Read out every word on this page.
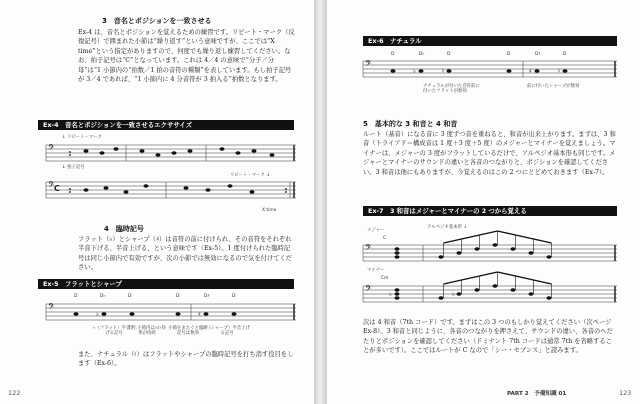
3　音名とポジションを一致させる
Ex-4 は、音名とポジションを覚えるための練習です。リピート・マーク（反復記号）で囲まれた小節は“繰り返す”という意味ですが、ここでは“X time”という指定がありますので、何度でも繰り返し練習してください。なお、拍子記号は“C”となっています。これは 4／4 の意味で“分子／分母”は“1 小節内の“拍数／1 拍の音符の種類”を表しています。もし拍子記号が 3／4 であれば、“1 小節内に 4 分音符が 3 拍入る”拍数となります。
Ex-4　音名とポジションを一致させるエクササイズ
↓ リピート・マーク
𝄢
↓ 拍子記号
リピート・マーク ↓
𝄢 C
X time
4　臨時記号
フラット（♭）とシャープ（♯）は音符の前に付けられ、その音符をそれぞれ半音下げる、半音上げる、という意味です（Ex-5）。1 度付けられた臨時記号は同じ小節内で有効ですが、次の小節では無効になるので気を付けてください。
Ex-5　フラットとシャープ
D	D♭	D	D	D♯	D
♭	♯
𝄢
♭（フラット）半音下げる記号
同じ小節内は♭の効果が持続
小節をまたぐと臨時記号は無効
♯（シャープ）半音上げる記号
また、ナチュラル（♮）はフラットやシャープの臨時記号を打ち消す役目をします（Ex-6）。
122
Ex-6　ナチュラル
D	D♭	D	D	D♯	D
♭	♮	♯	♮
𝄢
ナチュラルが付いた音符前に付いたフラットが無効
前に付いたシャープが無効
5　基本的な 3 和音と 4 和音
ルート（基音）になる音に 3 度ずつ音を重ねると、和音が出来上がります。まずは、3 和音（トライアド＝構成音は 1 度＋3 度＋5 度）のメジャーとマイナーを覚えましょう。マイナーは、メジャーの 3 度がフラットしているだけで、アルペジオ基本形も同じです。メジャーとマイナーのサウンドの違いと各音のつながりと、ポジションを確認してください。3 和音は他にもありますが、今覚えるのはこの 2 つにとどめておきます（Ex-7）。
Ex-7　3 和音はメジャーとマイナーの 2 つから覚える
メジャー
C
アルペジオ基本形 ↓
𝄢
マイナー
Cm
♭	♭
𝄢
次は 4 和音（7th コード）です。まずはこの 3 つのもしかり覚えてください（次ページ Ex-8）。3 和音と同じように、各音のつながりを押さえて、サウンドの違い、各音のへだたりとポジションを確認してください（ドミナント 7th コードは通常 7th を省略することが多いです）。ここではルートが C なので「シー・セブンス」と読みます。
PART 2　予備知識 01	123
